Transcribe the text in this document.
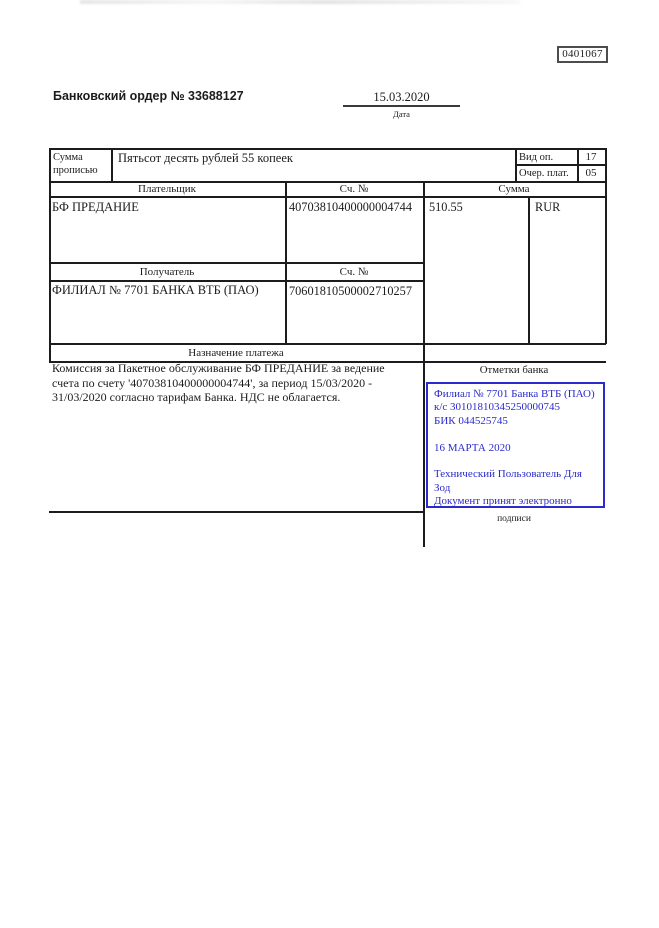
0401067
Банковский ордер № 33688127	15.03.2020
Дата
Сумма прописью
Пятьсот десять рублей 55 копеек	Вид оп.	17
Очер. плат.	05
Плательщик	Сч. №	Сумма
БФ ПРЕДАНИЕ	40703810400000004744 510.55	RUR
Получатель	Сч. №
ФИЛИАЛ № 7701 БАНКА ВТБ (ПАО) 70601810500002710257
Назначение платежа
Комиссия за Пакетное обслуживание БФ ПРЕДАНИЕ за ведение
счета по счету '40703810400000004744', за период 15/03/2020 -
31/03/2020 согласно тарифам Банка. НДС не облагается.
Отметки банка
Филиал № 7701 Банка ВТБ (ПАО)
к/с 30101810345250000745
БИК 044525745
16 МАРТА 2020
Технический Пользователь Для
Зод
Документ принят электронно
подписи
